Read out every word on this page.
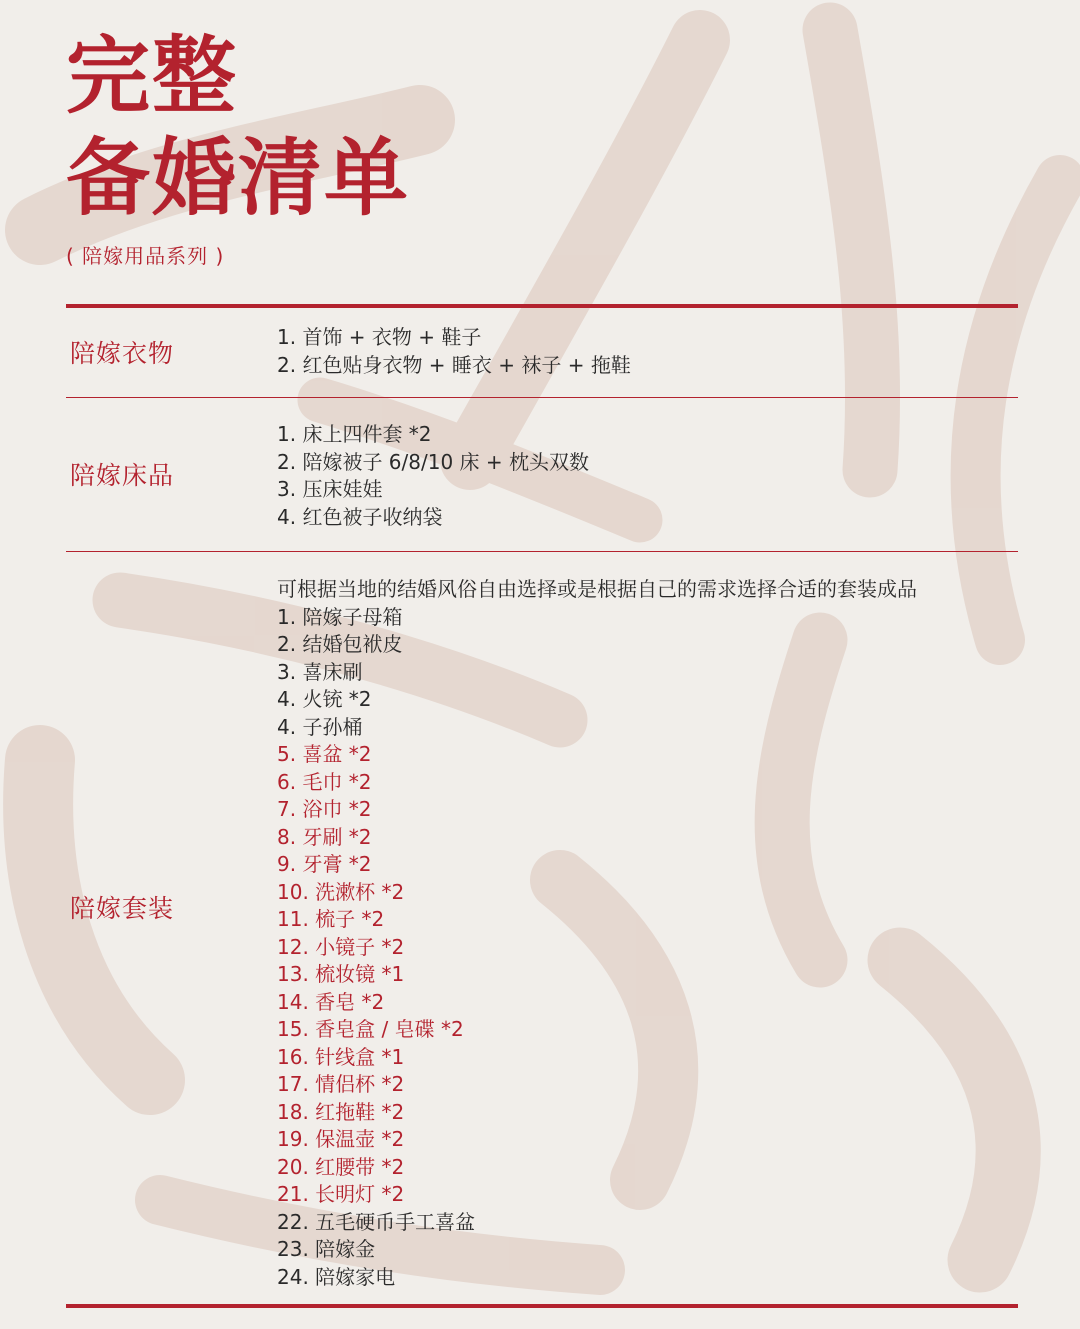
完整
备婚清单
( 陪嫁用品系列 )
陪嫁衣物
1. 首饰 + 衣物 + 鞋子
2. 红色贴身衣物 + 睡衣 + 袜子 + 拖鞋
陪嫁床品
1. 床上四件套 *2
2. 陪嫁被子 6/8/10 床 + 枕头双数
3. 压床娃娃
4. 红色被子收纳袋
陪嫁套装
可根据当地的结婚风俗自由选择或是根据自己的需求选择合适的套装成品
1. 陪嫁子母箱
2. 结婚包袱皮
3. 喜床刷
4. 火铳 *2
4. 子孙桶
5. 喜盆 *2
6. 毛巾 *2
7. 浴巾 *2
8. 牙刷 *2
9. 牙膏 *2
10. 洗漱杯 *2
11. 梳子 *2
12. 小镜子 *2
13. 梳妆镜 *1
14. 香皂 *2
15. 香皂盒 / 皂碟 *2
16. 针线盒 *1
17. 情侣杯 *2
18. 红拖鞋 *2
19. 保温壶 *2
20. 红腰带 *2
21. 长明灯 *2
22. 五毛硬币手工喜盆
23. 陪嫁金
24. 陪嫁家电
